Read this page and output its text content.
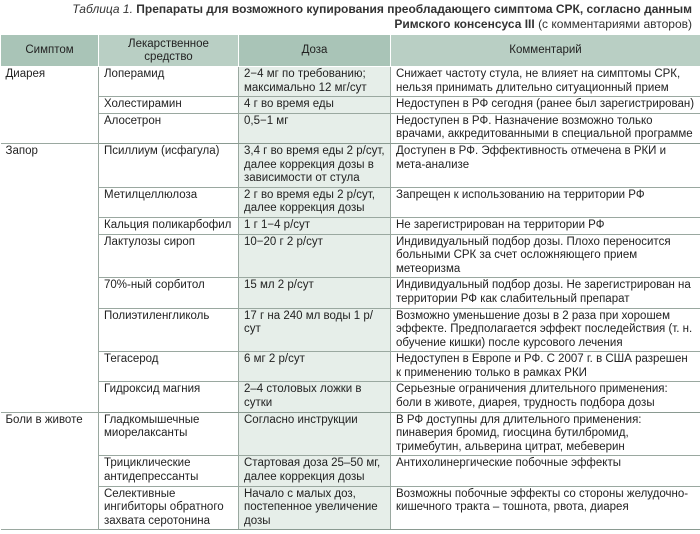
Таблица 1. Препараты для возможного купирования преобладающего симптома СРК, согласно данным Римского консенсуса III (с комментариями авторов)
Симптом	Лекарственное средство	Доза	Комментарий
Диарея	Лоперамид	2−4 мг по требованию; максимально 12 мг/сут	Снижает частоту стула, не влияет на симптомы СРК, нельзя принимать длительно ситуационный прием
	Холестирамин	4 г во время еды	Недоступен в РФ сегодня (ранее был зарегистрирован)
	Алосетрон	0,5−1 мг	Недоступен в РФ. Назначение возможно только врачами, аккредитованными в специальной программе
Запор	Псиллиум (исфагула)	3,4 г во время еды 2 р/сут, далее коррекция дозы в зависимости от стула	Доступен в РФ. Эффективность отмечена в РКИ и мета-анализе
	Метилцеллюлоза	2 г во время еды 2 р/сут, далее коррекция дозы	Запрещен к использованию на территории РФ
	Кальция поликарбофил	1 г 1−4 р/сут	Не зарегистрирован на территории РФ
	Лактулозы сироп	10−20 г 2 р/сут	Индивидуальный подбор дозы. Плохо переносится больными СРК за счет осложняющего прием метеоризма
	70%-ный сорбитол	15 мл 2 р/сут	Индивидуальный подбор дозы. Не зарегистрирован на территории РФ как слабительный препарат
	Полиэтиленгликоль	17 г на 240 мл воды 1 р/сут	Возможно уменьшение дозы в 2 раза при хорошем эффекте. Предполагается эффект последействия (т. н. обучение кишки) после курсового лечения
	Тегасерод	6 мг 2 р/сут	Недоступен в Европе и РФ. С 2007 г. в США разрешен к применению только в рамках РКИ
	Гидроксид магния	2–4 столовых ложки в сутки	Серьезные ограничения длительного применения: боли в животе, диарея, трудность подбора дозы
Боли в животе	Гладкомышечные миорелаксанты	Согласно инструкции	В РФ доступны для длительного применения: пинаверия бромид, гиосцина бутилбромид, тримебутин, альверина цитрат, мебеверин
	Трициклические антидепрессанты	Стартовая доза 25–50 мг, далее коррекция дозы	Антихолинергические побочные эффекты
	Селективные ингибиторы обратного захвата серотонина	Начало с малых доз, постепенное увеличение дозы	Возможны побочные эффекты со стороны желудочно-кишечного тракта – тошнота, рвота, диарея
